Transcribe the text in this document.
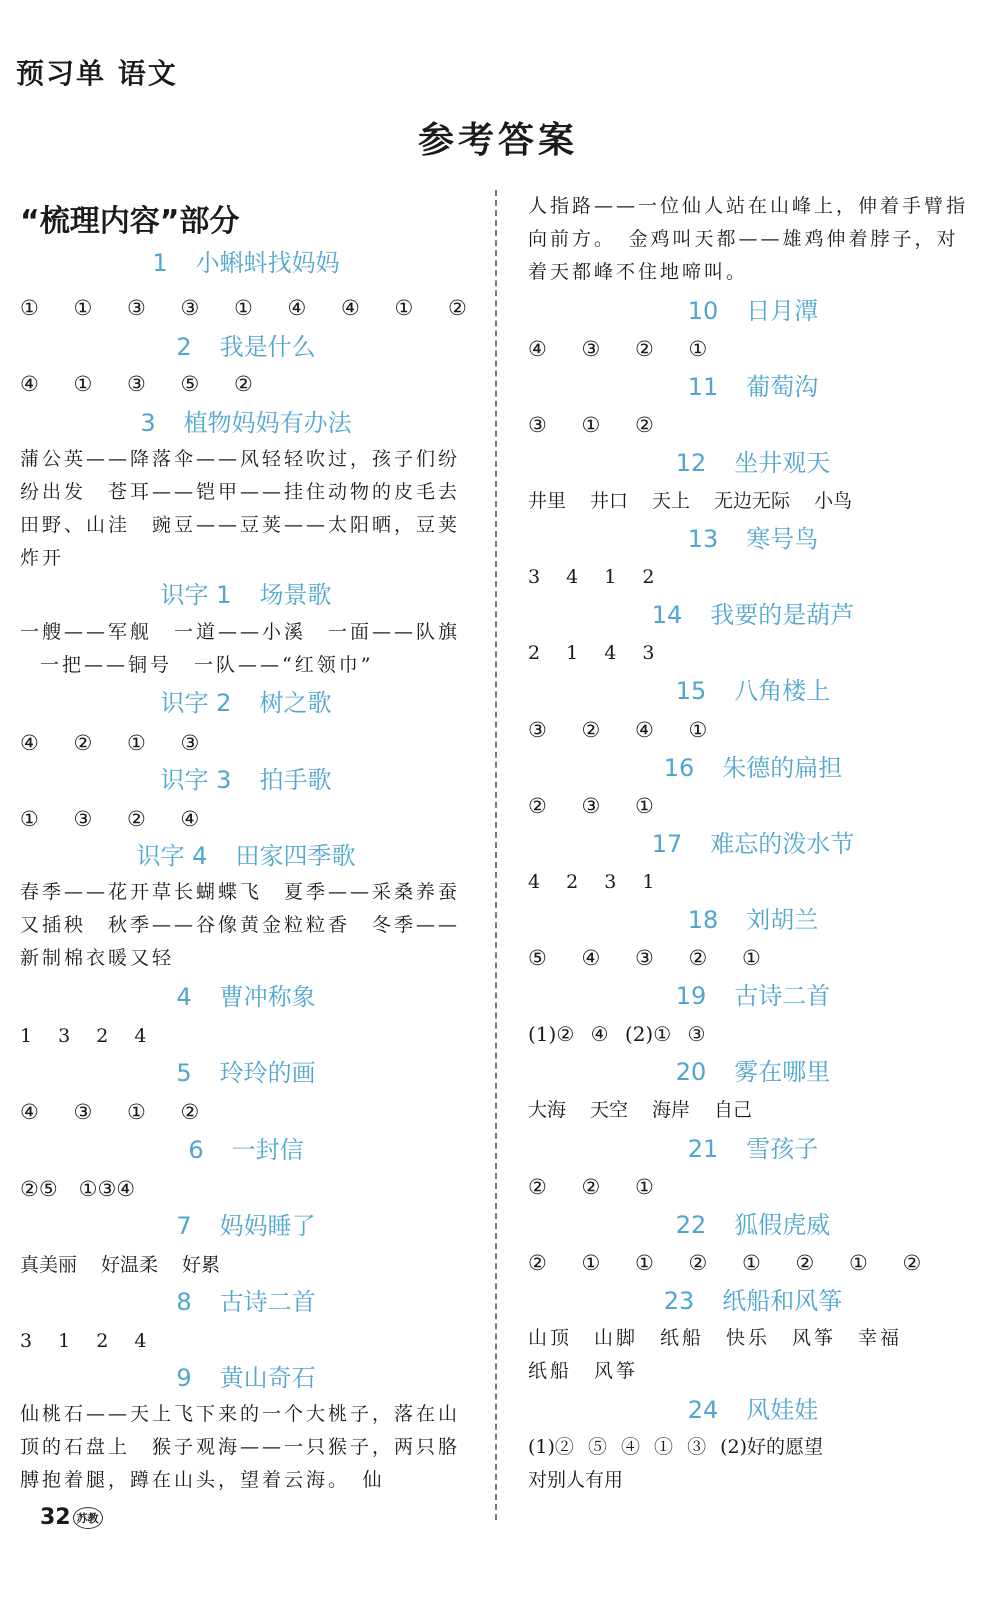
预习单 语文
参考答案
“梳理内容”部分
1 小蝌蚪找妈妈
① ① ③ ③ ① ④ ④ ① ②
2 我是什么
④ ① ③ ⑤ ②
3 植物妈妈有办法
蒲公英——降落伞——风轻轻吹过，孩子们纷纷出发　苍耳——铠甲——挂住动物的皮毛去田野、山洼　豌豆——豆荚——太阳晒，豆荚炸开
识字 1 场景歌
一艘——军舰　一道——小溪　一面——队旗
一把——铜号　一队——“红领巾”
识字 2 树之歌
④ ② ① ③
识字 3 拍手歌
① ③ ② ④
识字 4 田家四季歌
春季——花开草长蝴蝶飞　夏季——采桑养蚕又插秧　秋季——谷像黄金粒粒香　冬季——新制棉衣暖又轻
4 曹冲称象
1 3 2 4
5 玲玲的画
④ ③ ① ②
6 一封信
②⑤　①③④
7 妈妈睡了
真美丽 好温柔 好累
8 古诗二首
3 1 2 4
9 黄山奇石
仙桃石——天上飞下来的一个大桃子，落在山顶的石盘上　猴子观海——一只猴子，两只胳膊抱着腿，蹲在山头，望着云海。　仙
人指路——一位仙人站在山峰上，伸着手臂指向前方。　金鸡叫天都——雄鸡伸着脖子，对着天都峰不住地啼叫。
10 日月潭
④ ③ ② ①
11 葡萄沟
③ ① ②
12 坐井观天
井里 井口 天上 无边无际 小鸟
13 寒号鸟
3 4 1 2
14 我要的是葫芦
2 1 4 3
15 八角楼上
③ ② ④ ①
16 朱德的扁担
② ③ ①
17 难忘的泼水节
4 2 3 1
18 刘胡兰
⑤ ④ ③ ② ①
19 古诗二首
(1)② ④ (2)① ③
20 雾在哪里
大海 天空 海岸 自己
21 雪孩子
② ② ①
22 狐假虎威
② ① ① ② ① ② ① ②
23 纸船和风筝
山顶　山脚　纸船　快乐　风筝　幸福
纸船　风筝
24 风娃娃
(1)② ⑤ ④ ① ③ (2)好的愿望
对别人有用
32 苏教
